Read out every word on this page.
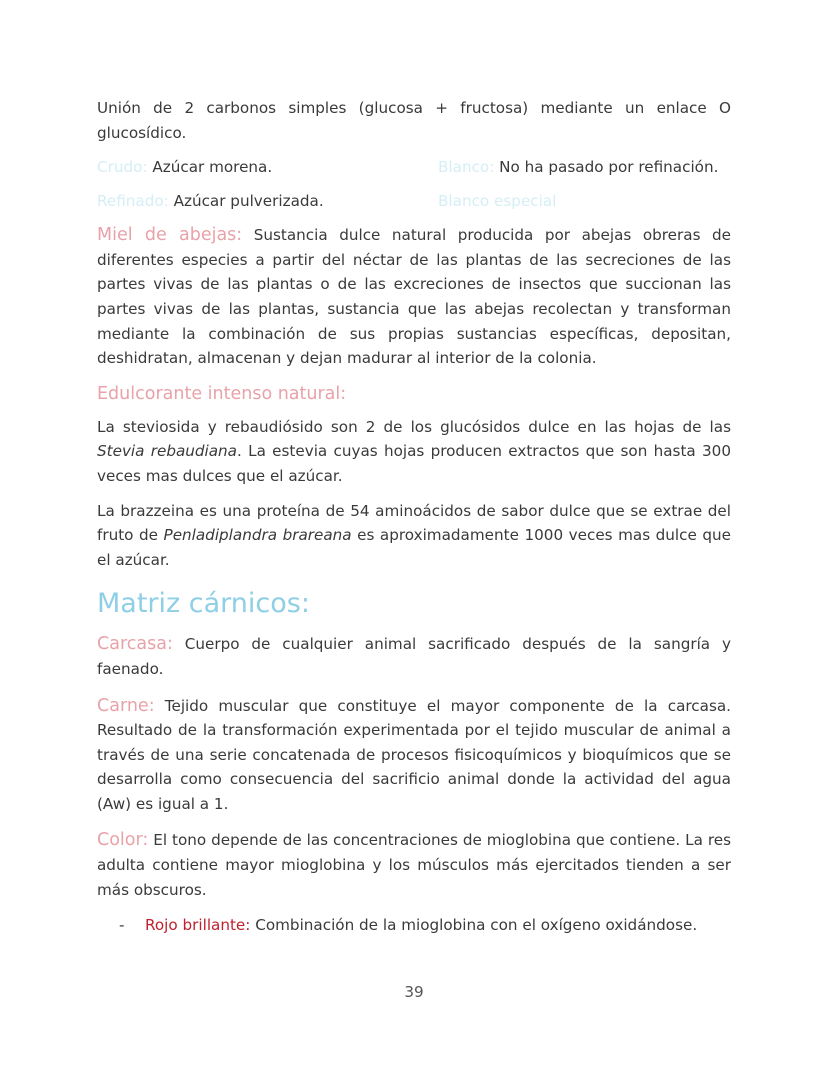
Unión de 2 carbonos simples (glucosa + fructosa) mediante un enlace O glucosídico.

Crudo: Azúcar morena.	Blanco: No ha pasado por refinación.
Refinado: Azúcar pulverizada.	Blanco especial

Miel de abejas: Sustancia dulce natural producida por abejas obreras de diferentes especies a partir del néctar de las plantas de las secreciones de las partes vivas de las plantas o de las excreciones de insectos que succionan las partes vivas de las plantas, sustancia que las abejas recolectan y transforman mediante la combinación de sus propias sustancias específicas, depositan, deshidratan, almacenan y dejan madurar al interior de la colonia.

Edulcorante intenso natural:

La steviosida y rebaudiósido son 2 de los glucósidos dulce en las hojas de las Stevia rebaudiana. La estevia cuyas hojas producen extractos que son hasta 300 veces mas dulces que el azúcar.

La brazzeina es una proteína de 54 aminoácidos de sabor dulce que se extrae del fruto de Penladiplandra brareana es aproximadamente 1000 veces mas dulce que el azúcar.

Matriz cárnicos:

Carcasa: Cuerpo de cualquier animal sacrificado después de la sangría y faenado.

Carne: Tejido muscular que constituye el mayor componente de la carcasa. Resultado de la transformación experimentada por el tejido muscular de animal a través de una serie concatenada de procesos fisicoquímicos y bioquímicos que se desarrolla como consecuencia del sacrificio animal donde la actividad del agua (Aw) es igual a 1.

Color: El tono depende de las concentraciones de mioglobina que contiene. La res adulta contiene mayor mioglobina y los músculos más ejercitados tienden a ser más obscuros.

-	Rojo brillante: Combinación de la mioglobina con el oxígeno oxidándose.
39
